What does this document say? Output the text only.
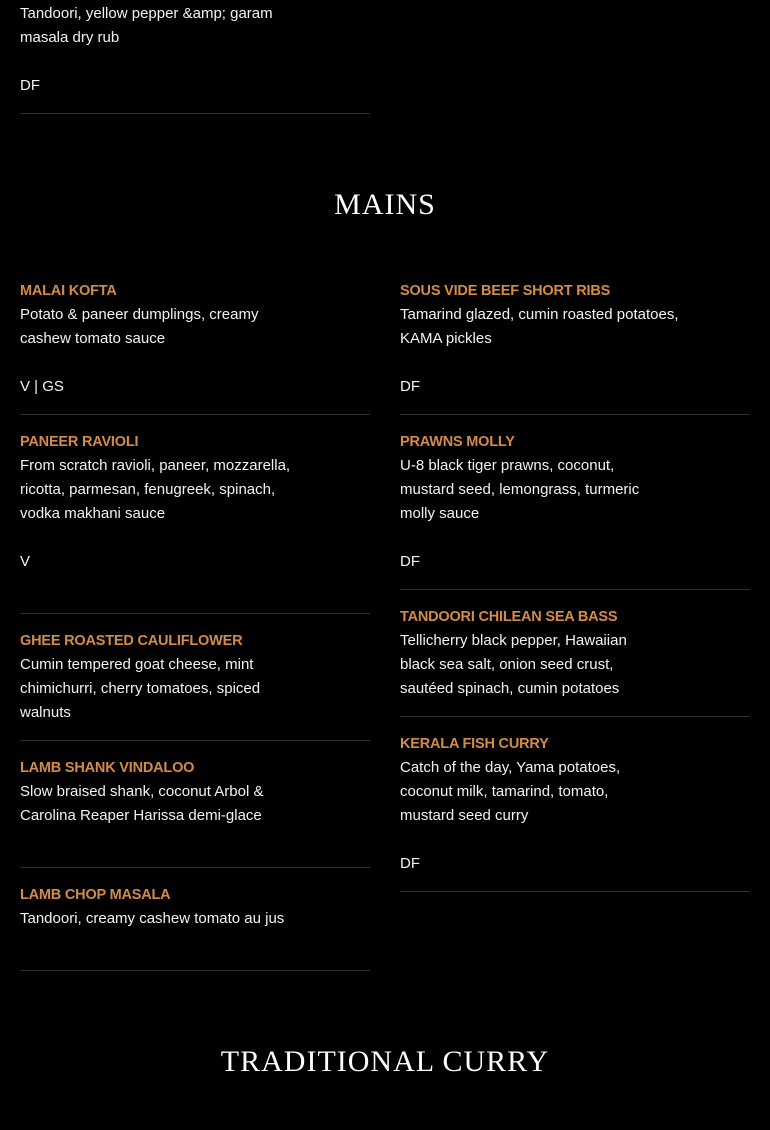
Tandoori, yellow pepper &amp; garam masala dry rub
DF
MAINS
MALAI KOFTA
Potato & paneer dumplings, creamy cashew tomato sauce
V | GS
PANEER RAVIOLI
From scratch ravioli, paneer, mozzarella, ricotta, parmesan, fenugreek, spinach, vodka makhani sauce
V
GHEE ROASTED CAULIFLOWER
Cumin tempered goat cheese, mint chimichurri, cherry tomatoes, spiced walnuts
LAMB SHANK VINDALOO
Slow braised shank, coconut Arbol & Carolina Reaper Harissa demi-glace
LAMB CHOP MASALA
Tandoori, creamy cashew tomato au jus
SOUS VIDE BEEF SHORT RIBS
Tamarind glazed, cumin roasted potatoes, KAMA pickles
DF
PRAWNS MOLLY
U-8 black tiger prawns, coconut, mustard seed, lemongrass, turmeric molly sauce
DF
TANDOORI CHILEAN SEA BASS
Tellicherry black pepper, Hawaiian black sea salt, onion seed crust, sautéed spinach, cumin potatoes
KERALA FISH CURRY
Catch of the day, Yama potatoes, coconut milk, tamarind, tomato, mustard seed curry
DF
TRADITIONAL CURRY
